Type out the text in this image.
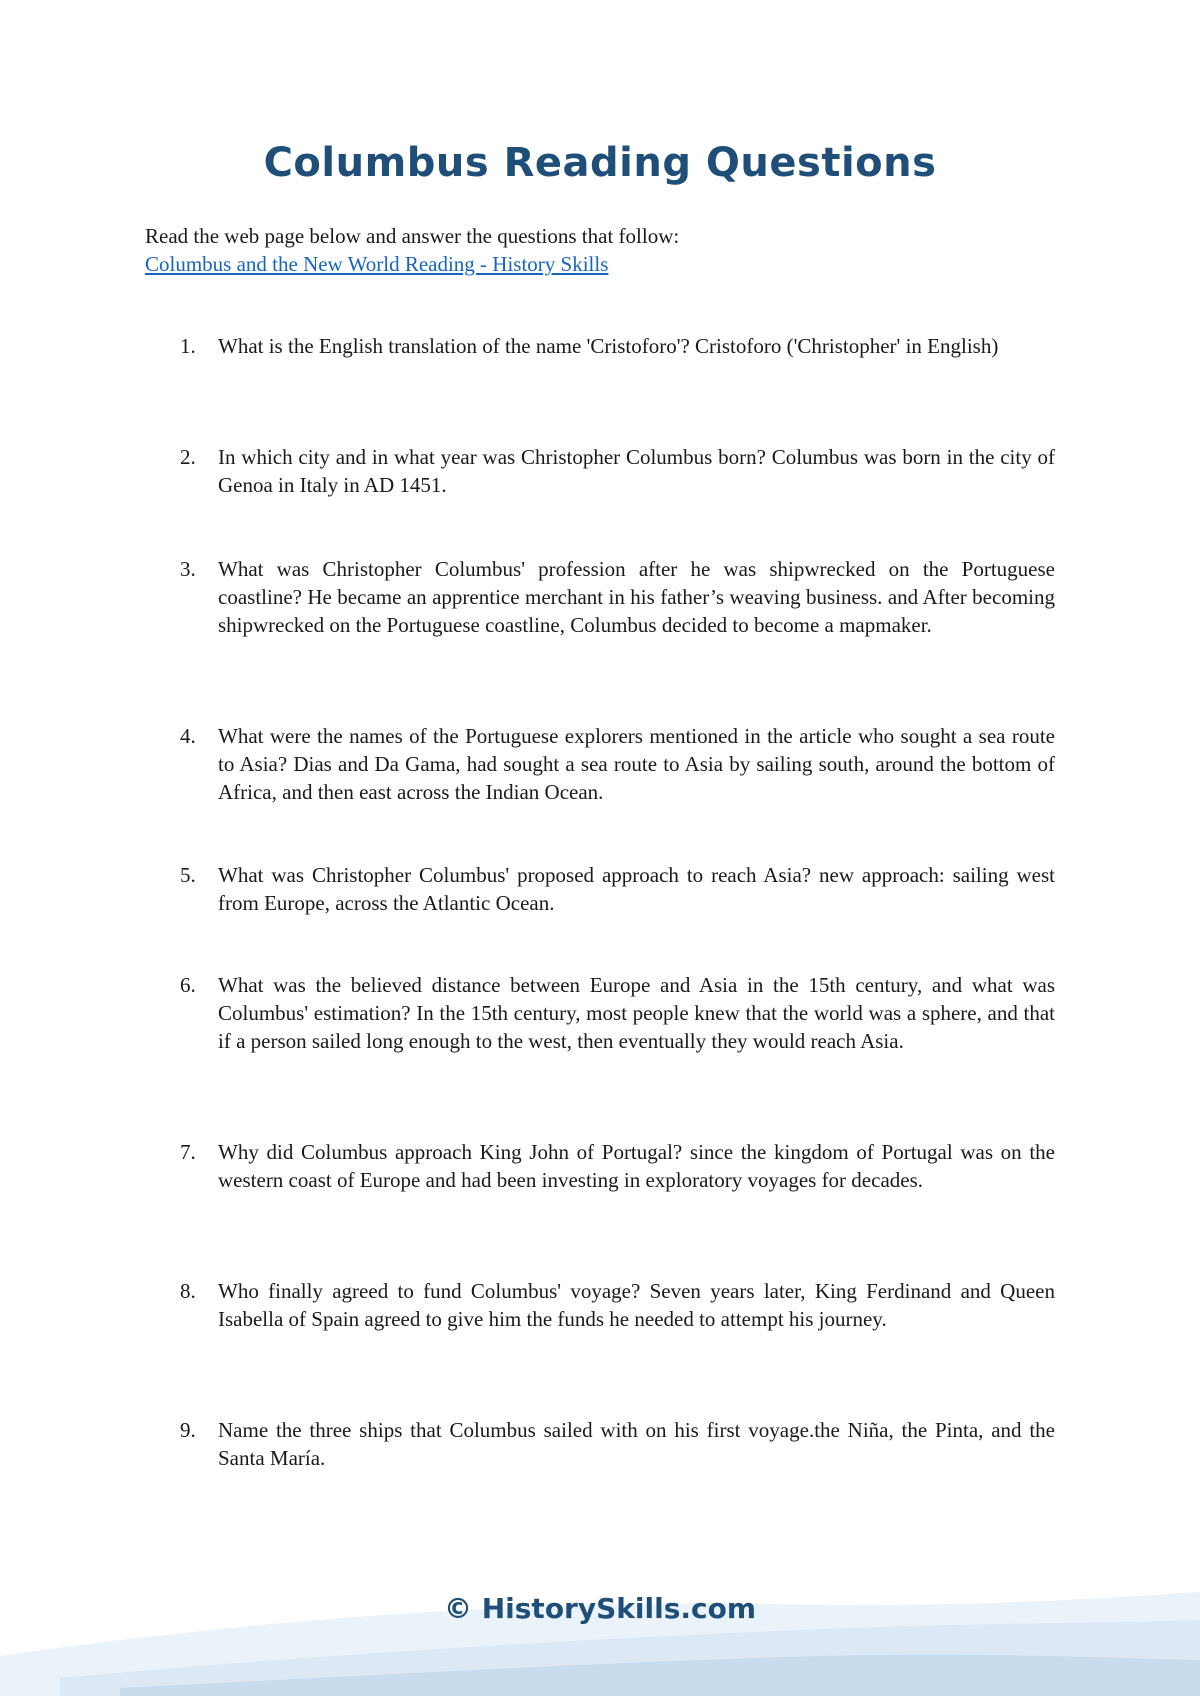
Columbus Reading Questions
Read the web page below and answer the questions that follow:
Columbus and the New World Reading - History Skills
1.	What is the English translation of the name 'Cristoforo'? Cristoforo ('Christopher' in English)
2.	In which city and in what year was Christopher Columbus born? Columbus was born in the city of Genoa in Italy in AD 1451.
3.	What was Christopher Columbus' profession after he was shipwrecked on the Portuguese coastline? He became an apprentice merchant in his father’s weaving business. and After becoming shipwrecked on the Portuguese coastline, Columbus decided to become a mapmaker.
4.	What were the names of the Portuguese explorers mentioned in the article who sought a sea route to Asia? Dias and Da Gama, had sought a sea route to Asia by sailing south, around the bottom of Africa, and then east across the Indian Ocean.
5.	What was Christopher Columbus' proposed approach to reach Asia? new approach: sailing west from Europe, across the Atlantic Ocean.
6.	What was the believed distance between Europe and Asia in the 15th century, and what was Columbus' estimation? In the 15th century, most people knew that the world was a sphere, and that if a person sailed long enough to the west, then eventually they would reach Asia.
7.	Why did Columbus approach King John of Portugal? since the kingdom of Portugal was on the western coast of Europe and had been investing in exploratory voyages for decades.
8.	Who finally agreed to fund Columbus' voyage? Seven years later, King Ferdinand and Queen Isabella of Spain agreed to give him the funds he needed to attempt his journey.
9.	Name the three ships that Columbus sailed with on his first voyage.the Niña, the Pinta, and the Santa María.
© HistorySkills.com
